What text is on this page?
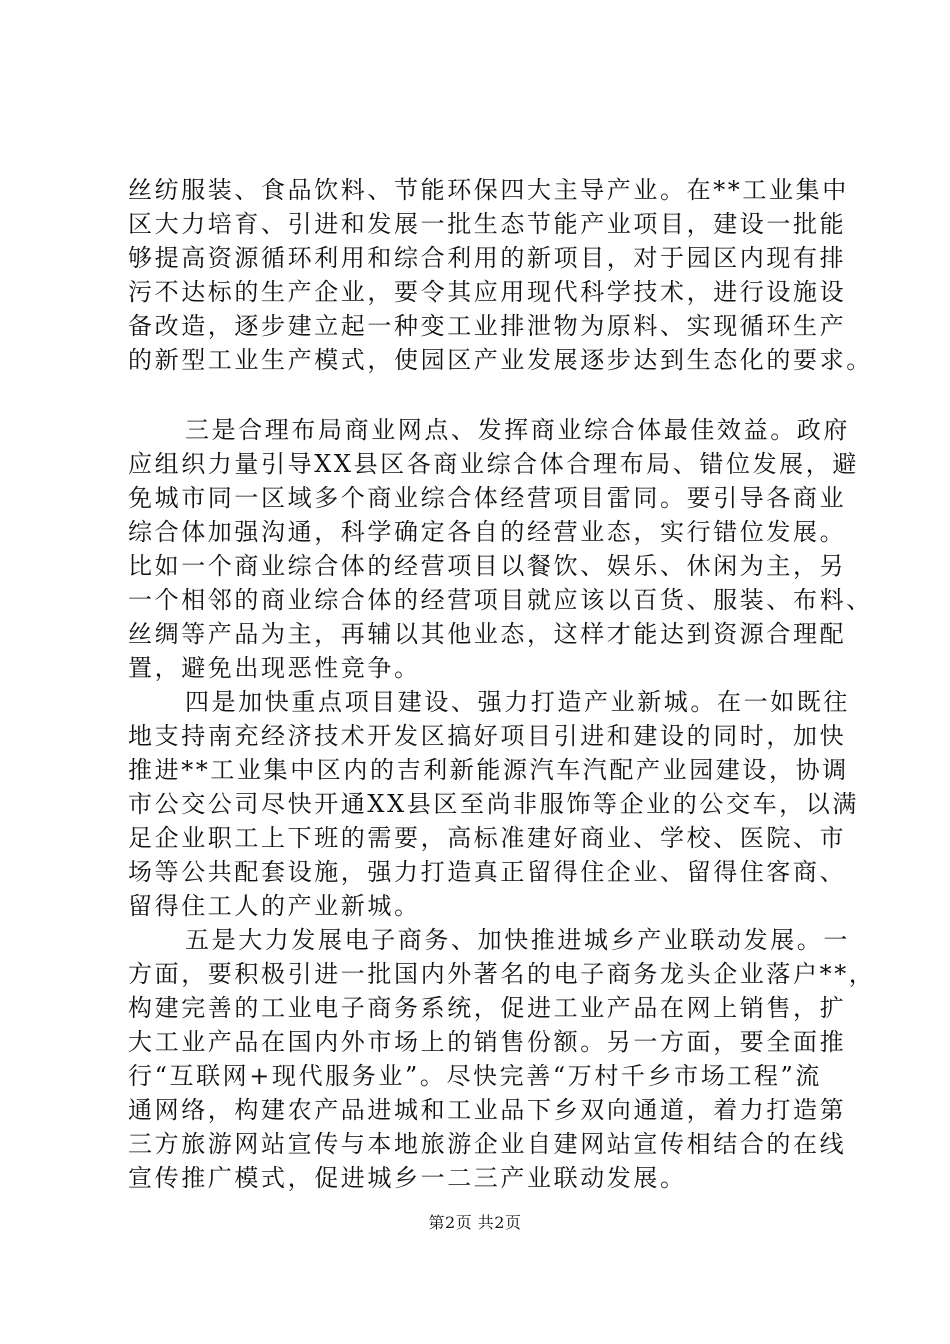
丝纺服装、食品饮料、节能环保四大主导产业。在**工业集中
区大力培育、引进和发展一批生态节能产业项目，建设一批能
够提高资源循环利用和综合利用的新项目，对于园区内现有排
污不达标的生产企业，要令其应用现代科学技术，进行设施设
备改造，逐步建立起一种变工业排泄物为原料、实现循环生产
的新型工业生产模式，使园区产业发展逐步达到生态化的要求。
三是合理布局商业网点、发挥商业综合体最佳效益。政府
应组织力量引导XX县区各商业综合体合理布局、错位发展，避
免城市同一区域多个商业综合体经营项目雷同。要引导各商业
综合体加强沟通，科学确定各自的经营业态，实行错位发展。
比如一个商业综合体的经营项目以餐饮、娱乐、休闲为主，另
一个相邻的商业综合体的经营项目就应该以百货、服装、布料、
丝绸等产品为主，再辅以其他业态，这样才能达到资源合理配
置，避免出现恶性竞争。
四是加快重点项目建设、强力打造产业新城。在一如既往
地支持南充经济技术开发区搞好项目引进和建设的同时，加快
推进**工业集中区内的吉利新能源汽车汽配产业园建设，协调
市公交公司尽快开通XX县区至尚非服饰等企业的公交车，以满
足企业职工上下班的需要，高标准建好商业、学校、医院、市
场等公共配套设施，强力打造真正留得住企业、留得住客商、
留得住工人的产业新城。
五是大力发展电子商务、加快推进城乡产业联动发展。一
方面，要积极引进一批国内外著名的电子商务龙头企业落户**，
构建完善的工业电子商务系统，促进工业产品在网上销售，扩
大工业产品在国内外市场上的销售份额。另一方面，要全面推
行“互联网+现代服务业”。尽快完善“万村千乡市场工程”流
通网络，构建农产品进城和工业品下乡双向通道，着力打造第
三方旅游网站宣传与本地旅游企业自建网站宣传相结合的在线
宣传推广模式，促进城乡一二三产业联动发展。
第2页 共2页
